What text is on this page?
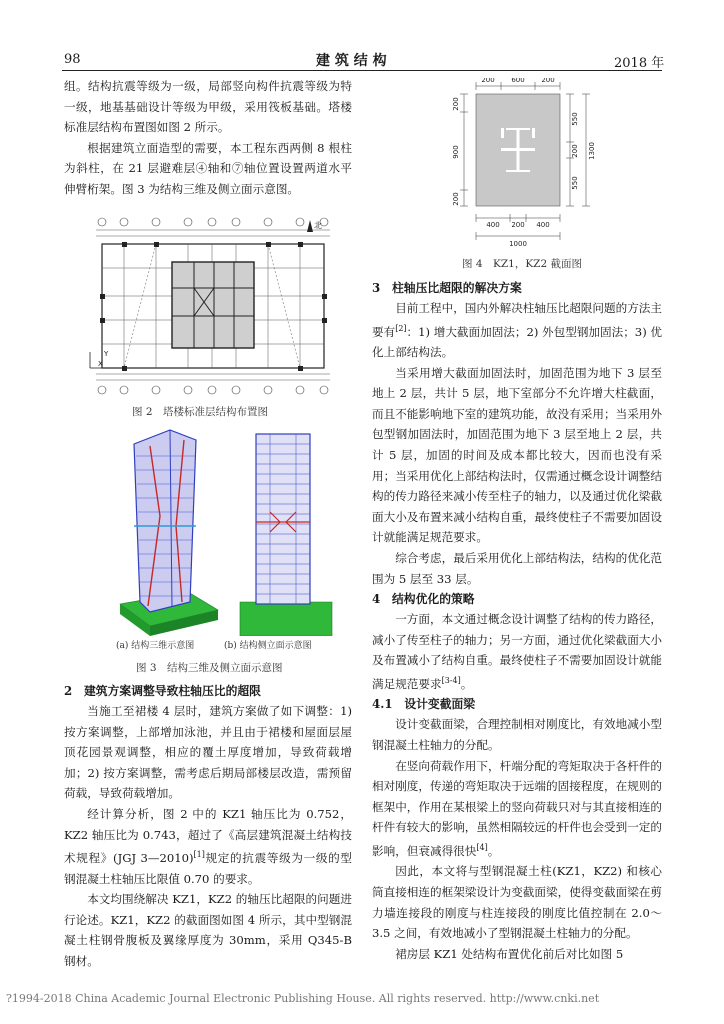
98	建 筑 结 构	2018 年

组。结构抗震等级为一级，局部竖向构件抗震等级为特一级，地基基础设计等级为甲级，采用筏板基础。塔楼标准层结构布置图如图 2 所示。

根据建筑立面造型的需要，本工程东西两侧 8 根柱为斜柱，在 21 层避难层④轴和⑦轴位置设置两道水平伸臂桁架。图 3 为结构三维及侧立面示意图。

Y
X
北
图 2　塔楼标准层结构布置图
(a) 结构三维示意图	(b) 结构侧立面示意图
图 3　结构三维及侧立面示意图

2　建筑方案调整导致柱轴压比的超限

当施工至裙楼 4 层时，建筑方案做了如下调整：1) 按方案调整，上部增加泳池，并且由于裙楼和屋面层屋顶花园景观调整，相应的覆土厚度增加，导致荷载增加；2) 按方案调整，需考虑后期局部楼层改造，需预留荷载，导致荷载增加。

经计算分析，图 2 中的 KZ1 轴压比为 0.752，KZ2 轴压比为 0.743，超过了《高层建筑混凝土结构技术规程》(JGJ 3—2010)[1]规定的抗震等级为一级的型钢混凝土柱轴压比限值 0.70 的要求。

本文均围绕解决 KZ1，KZ2 的轴压比超限的问题进行论述。KZ1，KZ2 的截面图如图 4 所示，其中型钢混凝土柱钢骨腹板及翼缘厚度为 30mm，采用 Q345-B 钢材。

200 600 200
400 200 400
1000
200
900
200
550
200
550
1300
图 4　KZ1，KZ2 截面图

3　柱轴压比超限的解决方案

目前工程中，国内外解决柱轴压比超限问题的方法主要有[2]：1) 增大截面加固法；2) 外包型钢加固法；3) 优化上部结构法。

当采用增大截面加固法时，加固范围为地下 3 层至地上 2 层，共计 5 层，地下室部分不允许增大柱截面，而且不能影响地下室的建筑功能，故没有采用；当采用外包型钢加固法时，加固范围为地下 3 层至地上 2 层，共计 5 层，加固的时间及成本都比较大，因而也没有采用；当采用优化上部结构法时，仅需通过概念设计调整结构的传力路径来减小传至柱子的轴力，以及通过优化梁截面大小及布置来减小结构自重，最终使柱子不需要加固设计就能满足规范要求。

综合考虑，最后采用优化上部结构法，结构的优化范围为 5 层至 33 层。

4　结构优化的策略

一方面，本文通过概念设计调整了结构的传力路径，减小了传至柱子的轴力；另一方面，通过优化梁截面大小及布置减小了结构自重。最终使柱子不需要加固设计就能满足规范要求[3-4]。

4.1　设计变截面梁

设计变截面梁，合理控制相对刚度比，有效地减小型钢混凝土柱轴力的分配。

在竖向荷载作用下，杆端分配的弯矩取决于各杆件的相对刚度，传递的弯矩取决于远端的固接程度，在规则的框架中，作用在某根梁上的竖向荷载只对与其直接相连的杆件有较大的影响，虽然相隔较远的杆件也会受到一定的影响，但衰减得很快[4]。

因此，本文将与型钢混凝土柱(KZ1，KZ2) 和核心筒直接相连的框架梁设计为变截面梁，使得变截面梁在剪力墙连接段的刚度与柱连接段的刚度比值控制在 2.0～3.5 之间，有效地减小了型钢混凝土柱轴力的分配。

裙房层 KZ1 处结构布置优化前后对比如图 5

?1994-2018 China Academic Journal Electronic Publishing House. All rights reserved. http://www.cnki.net
